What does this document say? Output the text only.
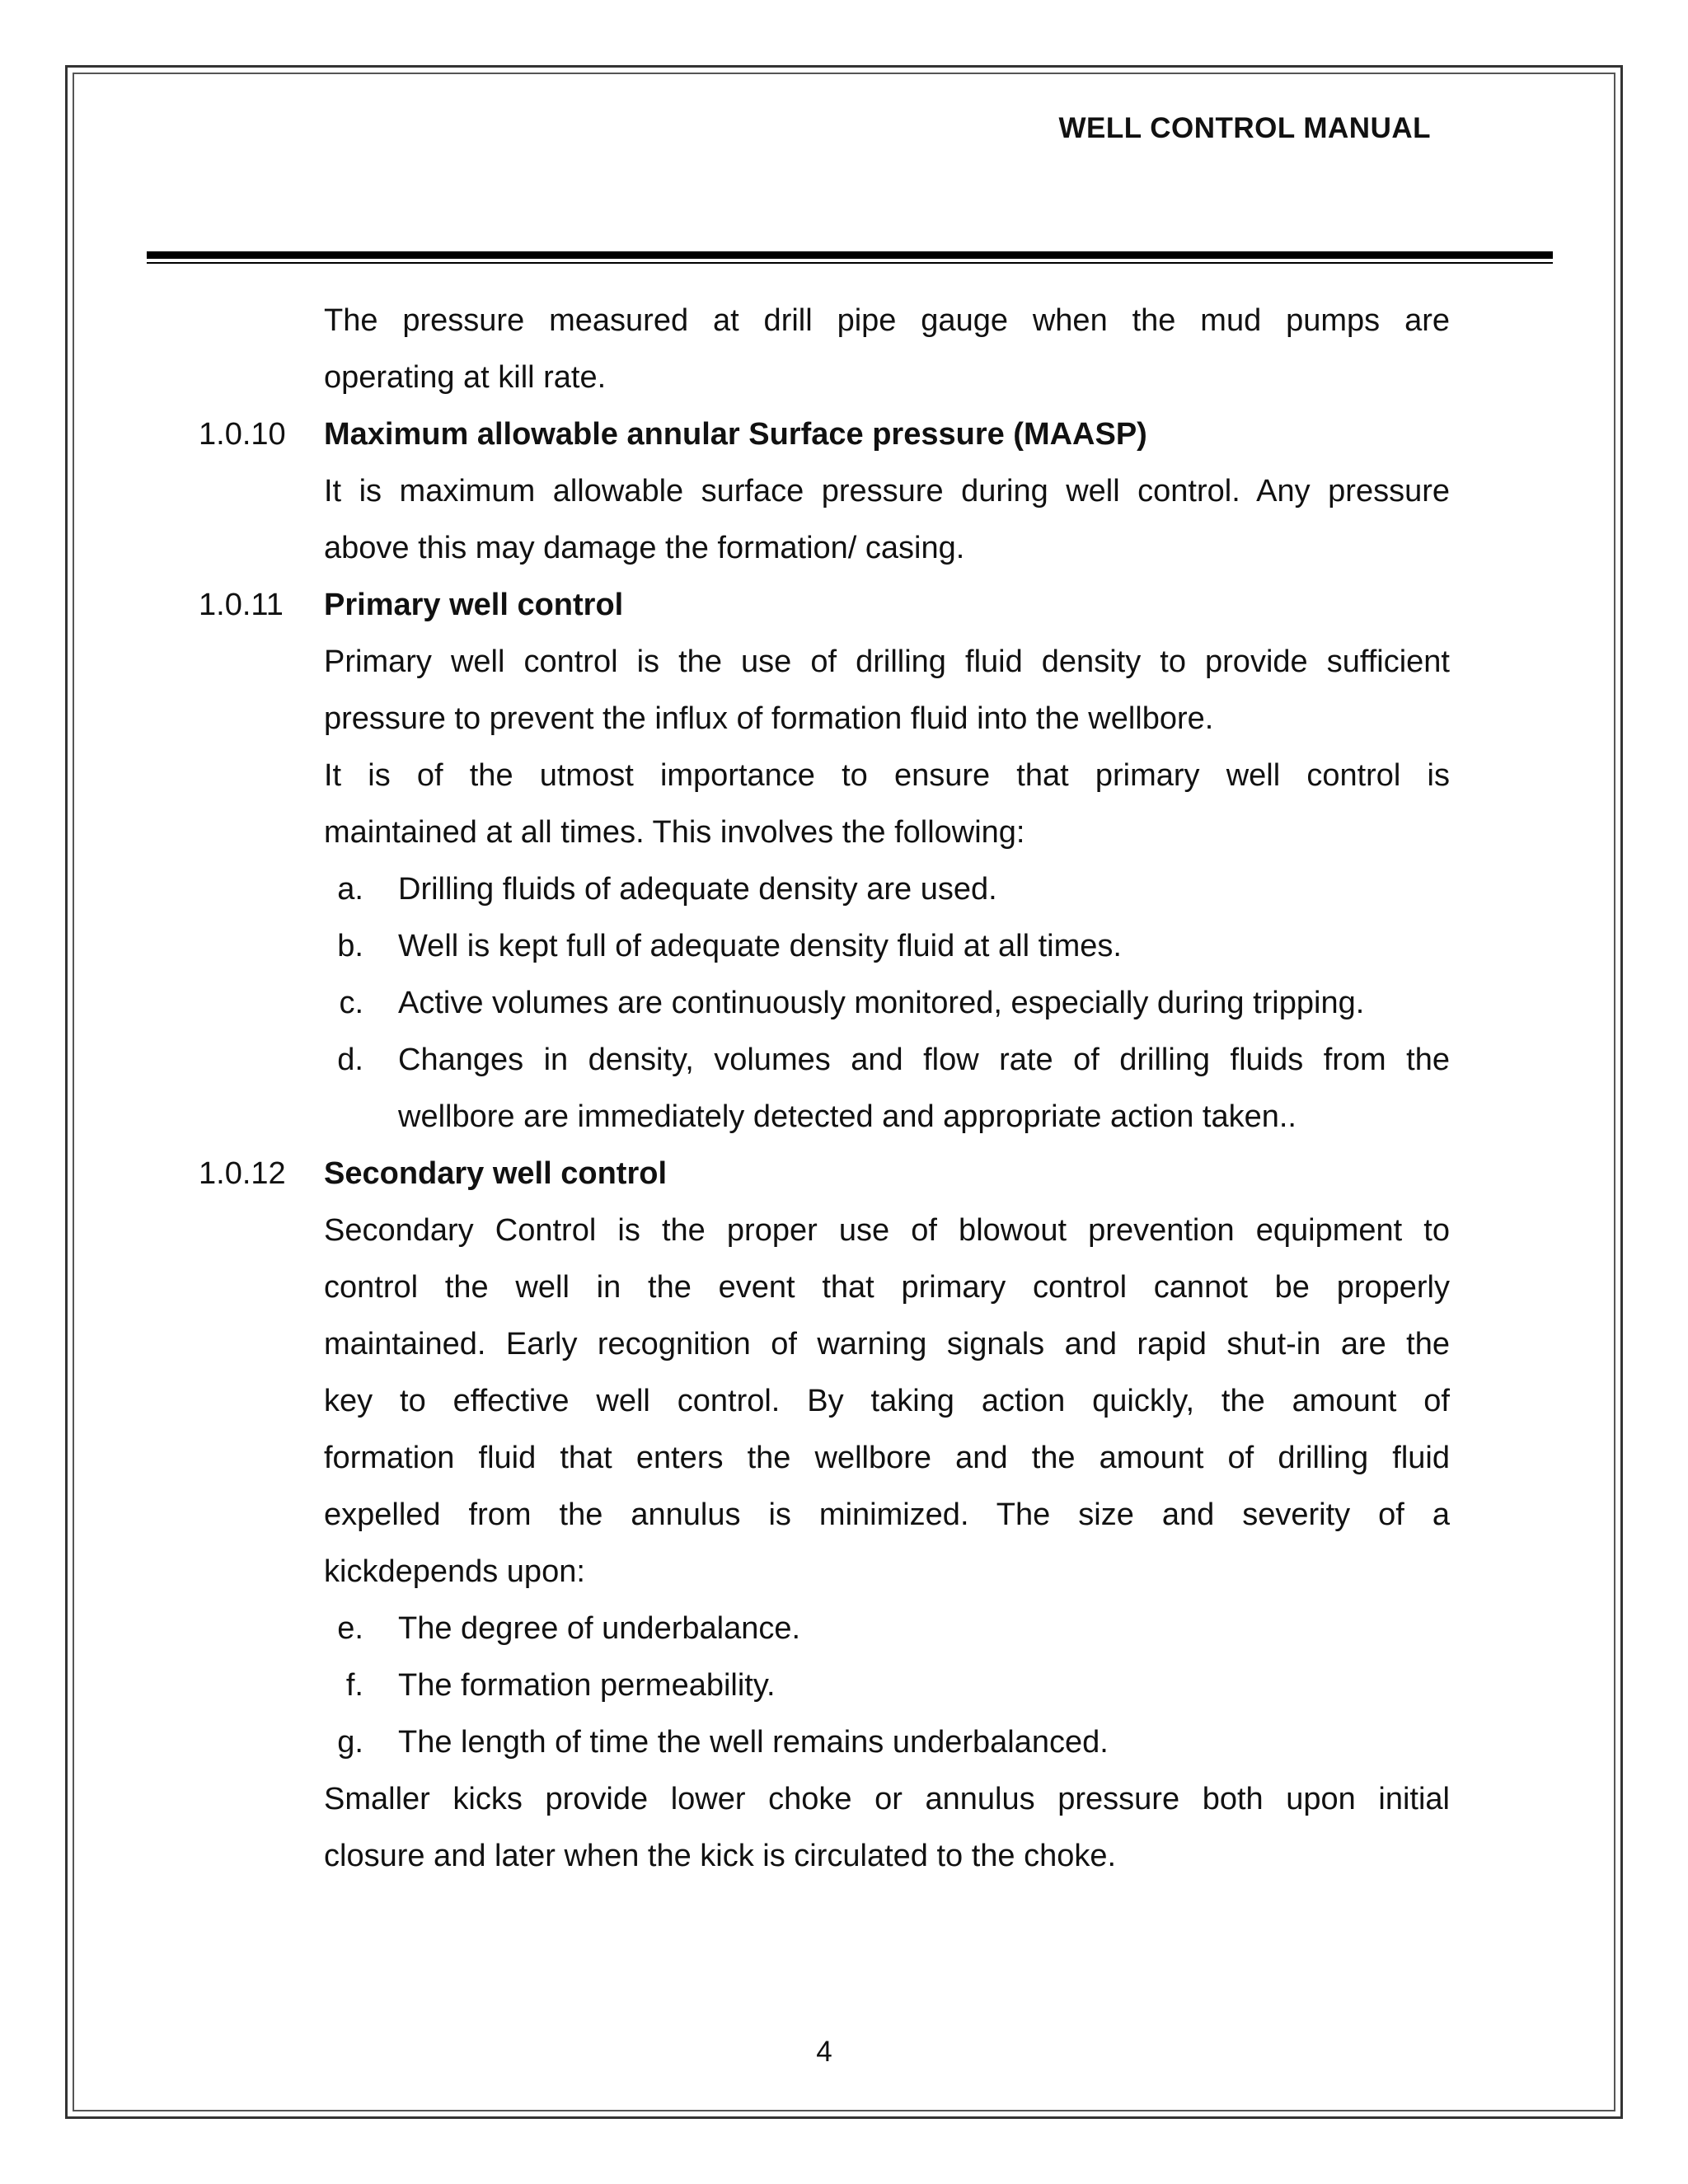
WELL CONTROL MANUAL
The pressure measured at drill pipe gauge when the mud pumps are
operating at kill rate.
1.0.10	Maximum allowable annular Surface pressure (MAASP)
It is maximum allowable surface pressure during well control. Any pressure
above this may damage the formation/ casing.
1.0.11	Primary well control
Primary well control is the use of drilling fluid density to provide sufficient
pressure to prevent the influx of formation fluid into the wellbore.
It is of the utmost importance to ensure that primary well control is
maintained at all times. This involves the following:
a. Drilling fluids of adequate density are used.
b. Well is kept full of adequate density fluid at all times.
c. Active volumes are continuously monitored, especially during tripping.
d. Changes in density, volumes and flow rate of drilling fluids from the
wellbore are immediately detected and appropriate action taken..
1.0.12	Secondary well control
Secondary Control is the proper use of blowout prevention equipment to
control the well in the event that primary control cannot be properly
maintained. Early recognition of warning signals and rapid shut-in are the
key to effective well control. By taking action quickly, the amount of
formation fluid that enters the wellbore and the amount of drilling fluid
expelled from the annulus is minimized. The size and severity of a
kickdepends upon:
e. The degree of underbalance.
f. The formation permeability.
g. The length of time the well remains underbalanced.
Smaller kicks provide lower choke or annulus pressure both upon initial
closure and later when the kick is circulated to the choke.
4
